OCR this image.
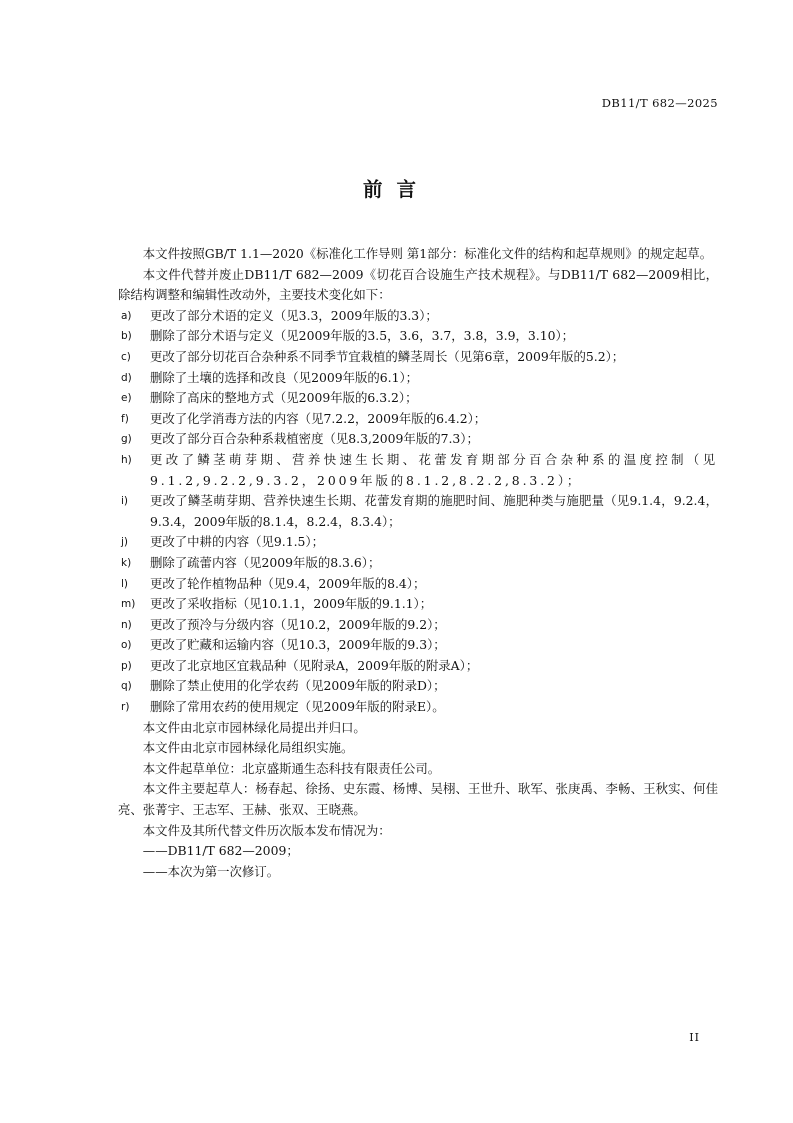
DB11/T 682—2025
前言

本文件按照GB/T 1.1—2020《标准化工作导则 第1部分：标准化文件的结构和起草规则》的规定起草。

本文件代替并废止DB11/T 682—2009《切花百合设施生产技术规程》。与DB11/T 682—2009相比，除结构调整和编辑性改动外，主要技术变化如下：

a)	更改了部分术语的定义（见3.3，2009年版的3.3）；

b)	删除了部分术语与定义（见2009年版的3.5，3.6，3.7，3.8，3.9，3.10）；

c)	更改了部分切花百合杂种系不同季节宜栽植的鳞茎周长（见第6章，2009年版的5.2）；

d)	删除了土壤的选择和改良（见2009年版的6.1）；

e)	删除了高床的整地方式（见2009年版的6.3.2）；

f)	更改了化学消毒方法的内容（见7.2.2，2009年版的6.4.2）；

g)	更改了部分百合杂种系栽植密度（见8.3,2009年版的7.3）；

h)	更改了鳞茎萌芽期、营养快速生长期、花蕾发育期部分百合杂种系的温度控制（见9.1.2,9.2.2,9.3.2，2009年版的8.1.2,8.2.2,8.3.2）；

i)	更改了鳞茎萌芽期、营养快速生长期、花蕾发育期的施肥时间、施肥种类与施肥量（见9.1.4，9.2.4，9.3.4，2009年版的8.1.4，8.2.4，8.3.4）；

j)	更改了中耕的内容（见9.1.5）；

k)	删除了疏蕾内容（见2009年版的8.3.6）；

l)	更改了轮作植物品种（见9.4，2009年版的8.4）；

m)	更改了采收指标（见10.1.1，2009年版的9.1.1）；

n)	更改了预冷与分级内容（见10.2，2009年版的9.2）；

o)	更改了贮藏和运输内容（见10.3，2009年版的9.3）；

p)	更改了北京地区宜栽品种（见附录A，2009年版的附录A）；

q)	删除了禁止使用的化学农药（见2009年版的附录D）；

r)	删除了常用农药的使用规定（见2009年版的附录E）。

本文件由北京市园林绿化局提出并归口。

本文件由北京市园林绿化局组织实施。

本文件起草单位：北京盛斯通生态科技有限责任公司。

本文件主要起草人：杨春起、徐扬、史东霞、杨博、吴栩、王世升、耿军、张庚禹、李畅、王秋实、何佳亮、张菁宇、王志军、王赫、张双、王晓燕。

本文件及其所代替文件历次版本发布情况为：

——DB11/T 682—2009；

——本次为第一次修订。

II
